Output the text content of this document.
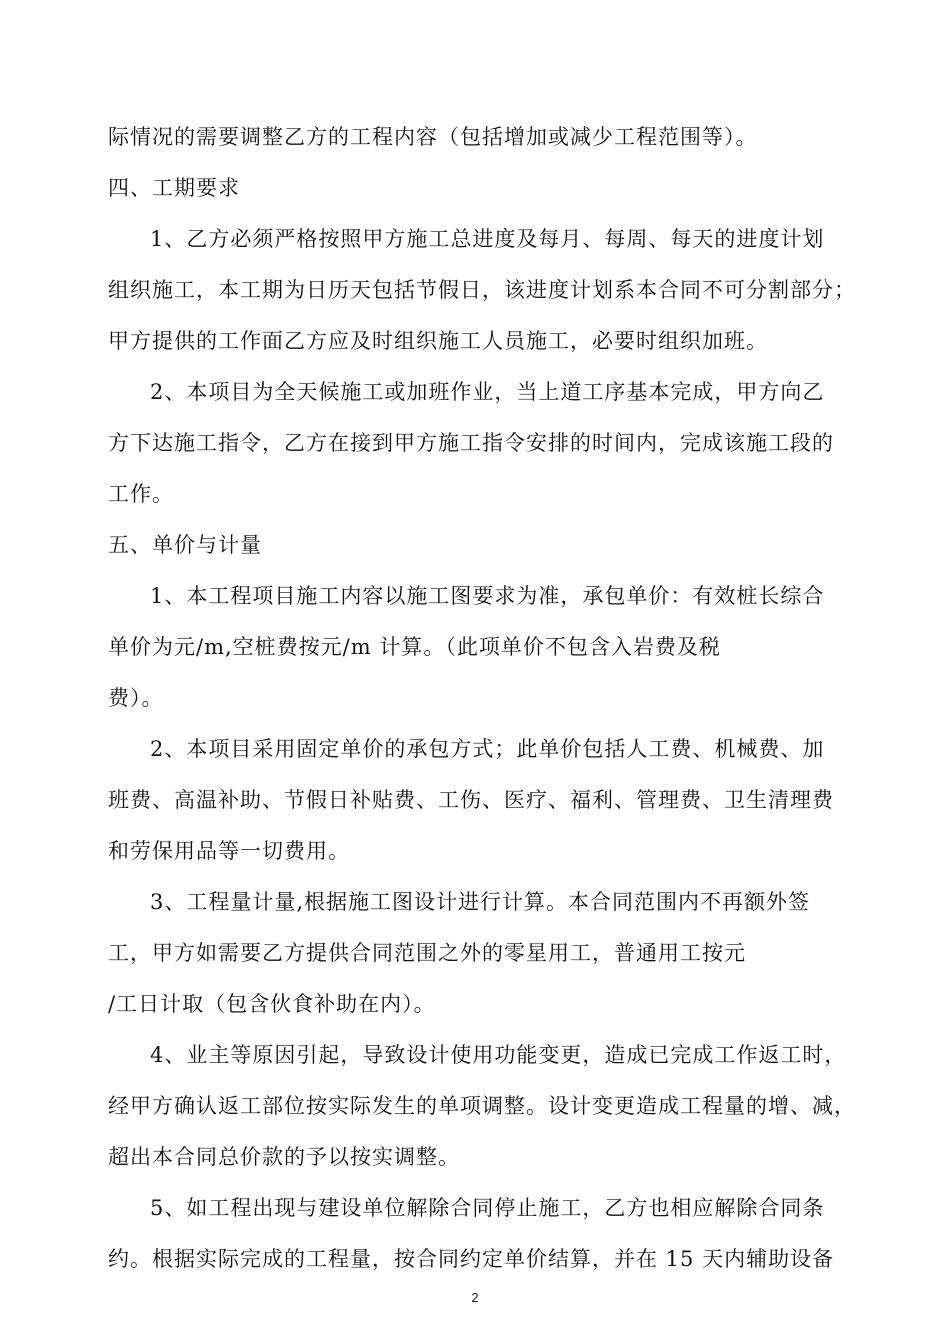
际情况的需要调整乙方的工程内容（包括增加或减少工程范围等）。
四、工期要求
1、乙方必须严格按照甲方施工总进度及每月、每周、每天的进度计划
组织施工，本工期为日历天包括节假日，该进度计划系本合同不可分割部分；
甲方提供的工作面乙方应及时组织施工人员施工，必要时组织加班。
2、本项目为全天候施工或加班作业，当上道工序基本完成，甲方向乙
方下达施工指令，乙方在接到甲方施工指令安排的时间内，完成该施工段的
工作。
五、单价与计量
1、本工程项目施工内容以施工图要求为准，承包单价：有效桩长综合
单价为元/m,空桩费按元/m 计算。（此项单价不包含入岩费及税
费）。
2、本项目采用固定单价的承包方式；此单价包括人工费、机械费、加
班费、高温补助、节假日补贴费、工伤、医疗、福利、管理费、卫生清理费
和劳保用品等一切费用。
3、工程量计量,根据施工图设计进行计算。本合同范围内不再额外签
工，甲方如需要乙方提供合同范围之外的零星用工，普通用工按元
/工日计取（包含伙食补助在内）。
4、业主等原因引起，导致设计使用功能变更，造成已完成工作返工时，
经甲方确认返工部位按实际发生的单项调整。设计变更造成工程量的增、减，
超出本合同总价款的予以按实调整。
5、如工程出现与建设单位解除合同停止施工，乙方也相应解除合同条
约。根据实际完成的工程量，按合同约定单价结算，并在 15 天内辅助设备
2
